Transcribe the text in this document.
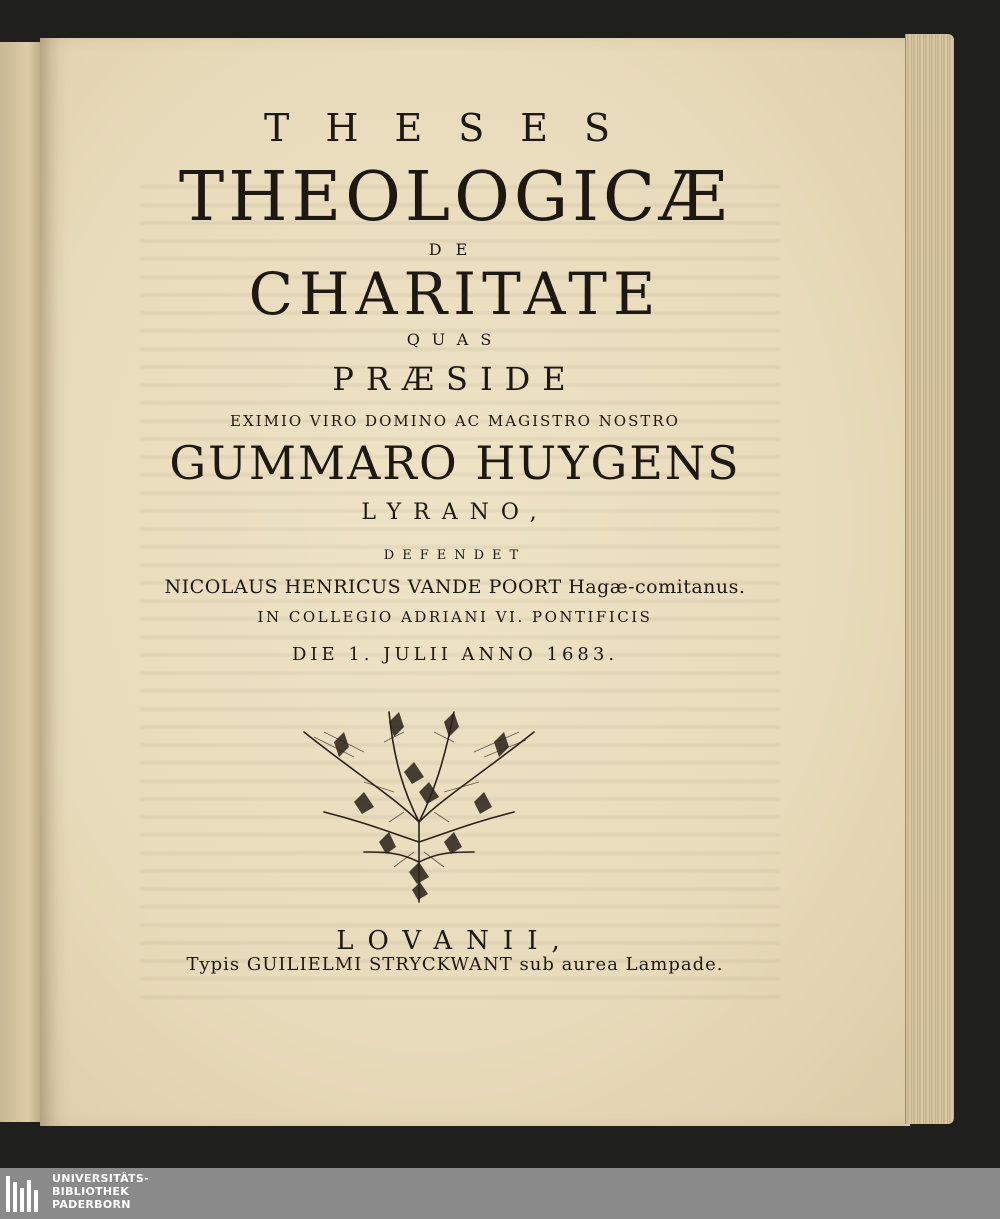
THESES
THEOLOGICÆ
DE
CHARITATE
QUAS
PRÆSIDE
EXIMIO VIRO DOMINO AC MAGISTRO NOSTRO
GUMMARO HUYGENS
LYRANO,
DEFENDET
NICOLAUS HENRICUS VANDE POORT Hagæ-comitanus.
IN COLLEGIO ADRIANI VI. PONTIFICIS
DIE 1. JULII ANNO 1683.
LOVANII,
Typis GUILIELMI STRYCKWANT sub aurea Lampade.
UNIVERSITÄTS-
BIBLIOTHEK
PADERBORN
